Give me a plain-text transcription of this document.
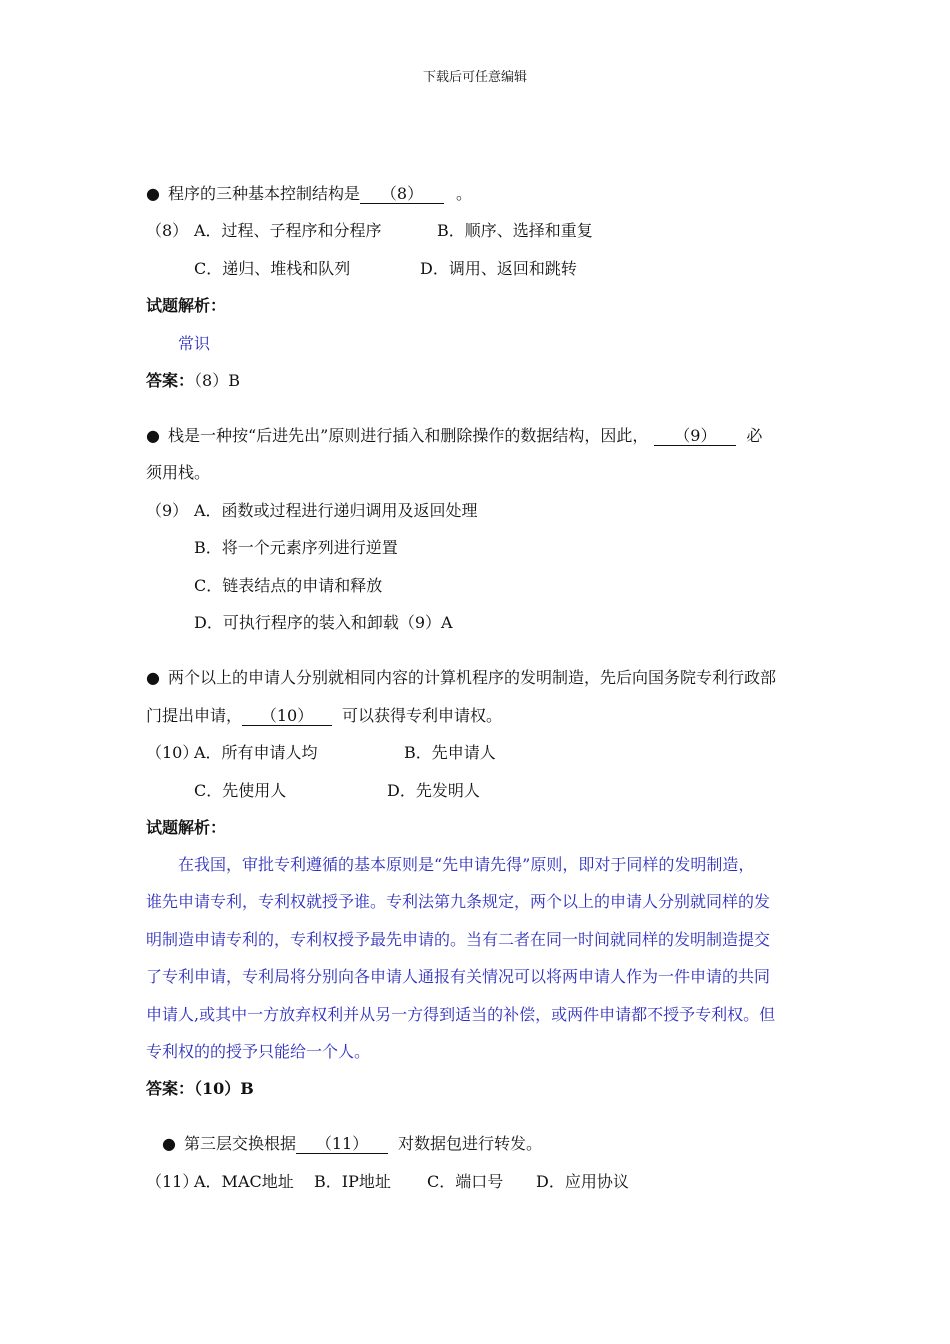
下载后可任意编辑
● 程序的三种基本控制结构是 （8） 。
（8） A．过程、子程序和分程序	B．顺序、选择和重复
C．递归、堆栈和队列	D．调用、返回和跳转
试题解析：
常识
答案：（8）B
● 栈是一种按“后进先出”原则进行插入和删除操作的数据结构，因此， （9） 必
须用栈。
（9） A．函数或过程进行递归调用及返回处理
B．将一个元素序列进行逆置
C．链表结点的申请和释放
D．可执行程序的装入和卸载（9）A
● 两个以上的申请人分别就相同内容的计算机程序的发明制造，先后向国务院专利行政部
门提出申请， （10） 可以获得专利申请权。
（10）
A．所有申请人均	B．先申请人
C．先使用人	D．先发明人
试题解析：
在我国，审批专利遵循的基本原则是“先申请先得”原则，即对于同样的发明制造，
谁先申请专利，专利权就授予谁。专利法第九条规定，两个以上的申请人分别就同样的发
明制造申请专利的，专利权授予最先申请的。当有二者在同一时间就同样的发明制造提交
了专利申请，专利局将分别向各申请人通报有关情况可以将两申请人作为一件申请的共同
申请人,或其中一方放弃权利并从另一方得到适当的补偿，或两件申请都不授予专利权。但
专利权的的授予只能给一个人。
答案：（10）B
● 第三层交换根据 （11） 对数据包进行转发。
（11）
A．MAC地址 B．IP地址 C．端口号 D．应用协议
